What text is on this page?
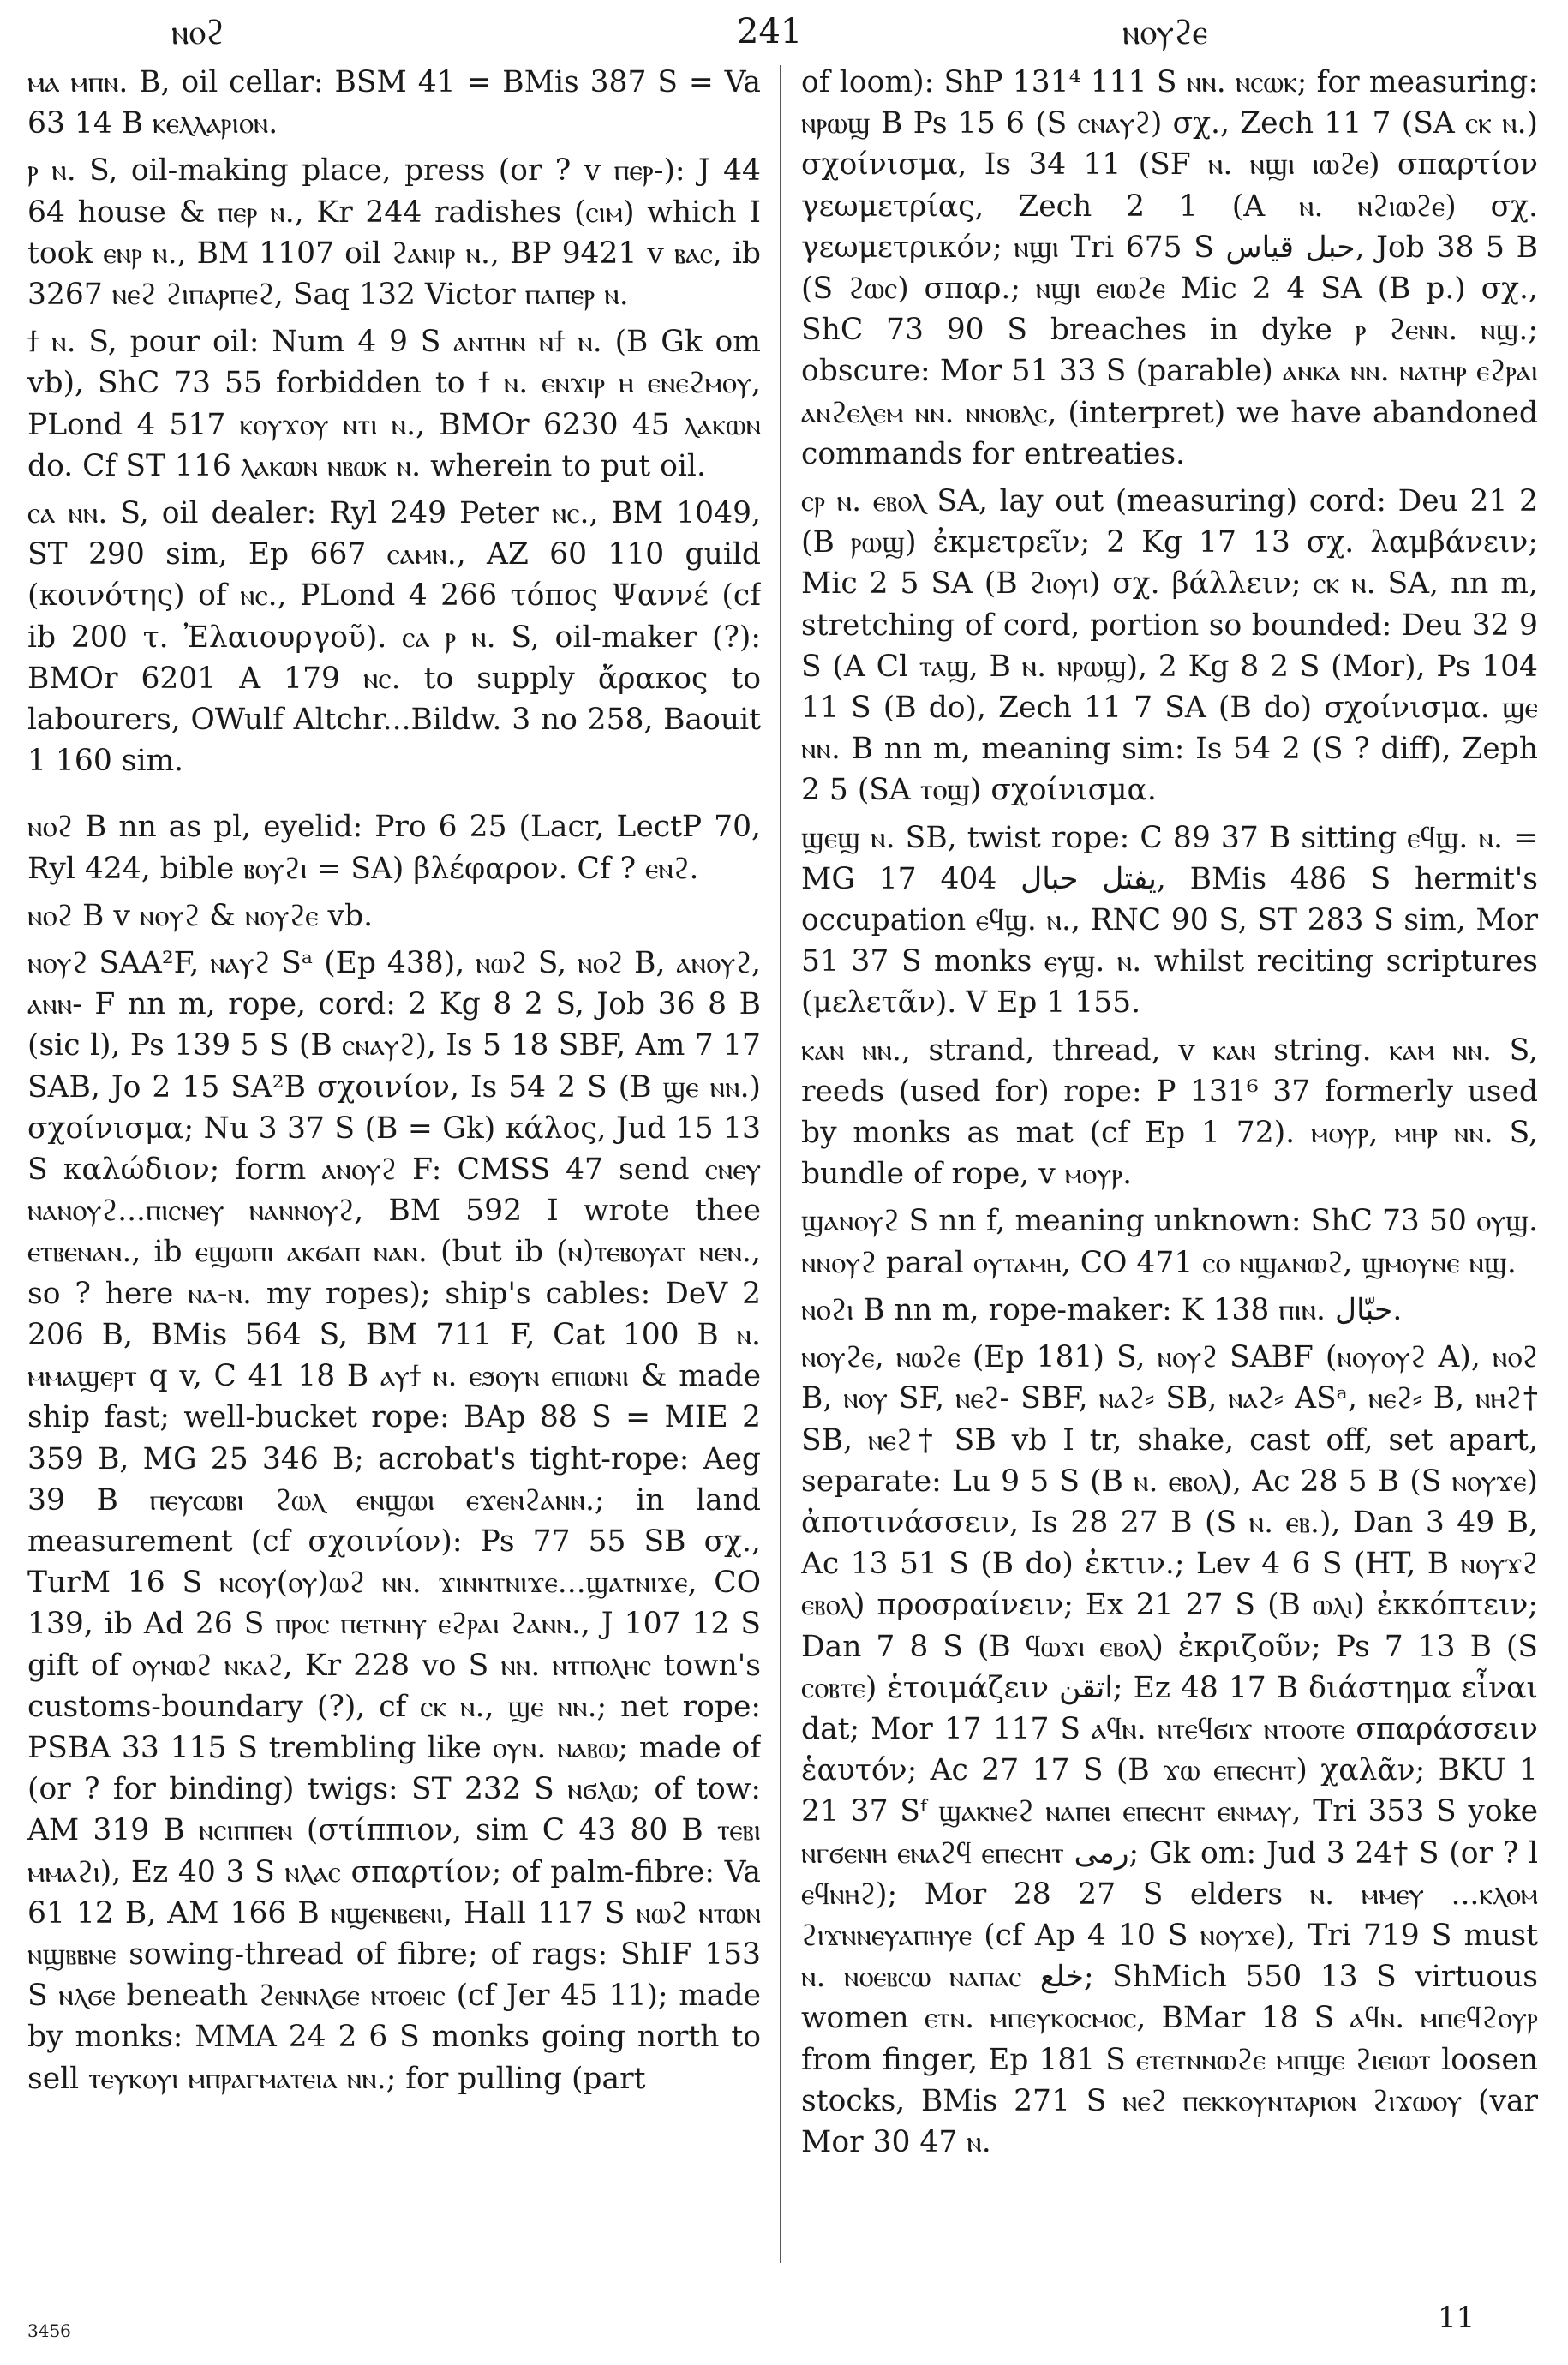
ⲛⲟϩ	241	ⲛⲟⲩϩⲉ

ⲙⲁ ⲙⲡⲛ. B, oil cellar: BSM 41 = BMis 387 S = Va 63 14 B ⲕⲉⲗⲗⲁⲣⲓⲟⲛ.

ⲣ ⲛ. S, oil-making place, press (or ? v ⲡⲉⲣ-): J 44 64 house & ⲡⲉⲣ ⲛ., Kr 244 radishes (ⲥⲓⲙ) which I took ⲉⲛⲣ ⲛ., BM 1107 oil ϩⲁⲛⲓⲣ ⲛ., BP 9421 v ⲃⲁⲥ, ib 3267 ⲛⲉϩ ϩⲓⲡⲁⲣⲡⲉϩ, Saq 132 Victor ⲡⲁⲡⲉⲣ ⲛ.

ϯ ⲛ. S, pour oil: Num 4 9 S ⲁⲛⲧⲏⲛ ⲛϯ ⲛ. (B Gk om vb), ShC 73 55 forbidden to ϯ ⲛ. ⲉⲛϫⲓⲣ ⲏ ⲉⲛⲉϩⲙⲟⲩ, PLond 4 517 ⲕⲟⲩϫⲟⲩ ⲛⲧⲓ ⲛ., BMOr 6230 45 ⲗⲁⲕⲱⲛ do. Cf ST 116 ⲗⲁⲕⲱⲛ ⲛⲃⲱⲕ ⲛ. wherein to put oil.

ⲥⲁ ⲛⲛ. S, oil dealer: Ryl 249 Peter ⲛⲥ., BM 1049, ST 290 sim, Ep 667 ⲥⲁⲙⲛ., AZ 60 110 guild (κοινότης) of ⲛⲥ., PLond 4 266 τόπος Ψαννέ (cf ib 200 τ. Ἐλαιουργοῦ). ⲥⲁ ⲣ ⲛ. S, oil-maker (?): BMOr 6201 A 179 ⲛⲥ. to supply ἄρακος to labourers, OWulf Altchr...Bildw. 3 no 258, Baouit 1 160 sim.

ⲛⲟϩ B nn as pl, eyelid: Pro 6 25 (Lacr, LectP 70, Ryl 424, bible ⲃⲟⲩϩⲓ = SA) βλέφαρον. Cf ? ⲉⲛϩ.

ⲛⲟϩ B v ⲛⲟⲩϩ & ⲛⲟⲩϩⲉ vb.

ⲛⲟⲩϩ SAA²F, ⲛⲁⲩϩ Sᵃ (Ep 438), ⲛⲱϩ S, ⲛⲟϩ B, ⲁⲛⲟⲩϩ, ⲁⲛⲛ- F nn m, rope, cord: 2 Kg 8 2 S, Job 36 8 B (sic l), Ps 139 5 S (B ⲥⲛⲁⲩϩ), Is 5 18 SBF, Am 7 17 SAB, Jo 2 15 SA²B σχοινίον, Is 54 2 S (B ϣⲉ ⲛⲛ.) σχοίνισμα; Nu 3 37 S (B = Gk) κάλος, Jud 15 13 S καλώδιον; form ⲁⲛⲟⲩϩ F: CMSS 47 send ⲥⲛⲉⲩ ⲛⲁⲛⲟⲩϩ...ⲡⲓⲥⲛⲉⲩ ⲛⲁⲛⲛⲟⲩϩ, BM 592 I wrote thee ⲉⲧⲃⲉⲛⲁⲛ., ib ⲉϣⲱⲡⲓ ⲁⲕϭⲁⲡ ⲛⲁⲛ. (but ib (ⲛ)ⲧⲉⲃⲟⲩⲁⲧ ⲛⲉⲛ., so ? here ⲛⲁ-ⲛ. my ropes); ship's cables: DeV 2 206 B, BMis 564 S, BM 711 F, Cat 100 B ⲛ. ⲙⲙⲁϣⲉⲣⲧ q v, C 41 18 B ⲁⲩϯ ⲛ. ⲉϧⲟⲩⲛ ⲉⲡⲓⲱⲛⲓ & made ship fast; well-bucket rope: BAp 88 S = MIE 2 359 B, MG 25 346 B; acrobat's tight-rope: Aeg 39 B ⲡⲉⲩⲥⲱⲃⲓ ϩⲱⲗ ⲉⲛϣⲱⲓ ⲉϫⲉⲛϩⲁⲛⲛ.; in land measurement (cf σχοινίον): Ps 77 55 SB σχ., TurM 16 S ⲛⲥⲟⲩ(ⲟⲩ)ⲱϩ ⲛⲛ. ϫⲓⲛⲛⲧⲛⲓϫⲉ...ϣⲁⲧⲛⲓϫⲉ, CO 139, ib Ad 26 S ⲡⲣⲟⲥ ⲡⲉⲧⲛⲏⲩ ⲉϩⲣⲁⲓ ϩⲁⲛⲛ., J 107 12 S gift of ⲟⲩⲛⲱϩ ⲛⲕⲁϩ, Kr 228 vo S ⲛⲛ. ⲛⲧⲡⲟⲗⲏⲥ town's customs-boundary (?), cf ⲥⲕ ⲛ., ϣⲉ ⲛⲛ.; net rope: PSBA 33 115 S trembling like ⲟⲩⲛ. ⲛⲁⲃⲱ; made of (or ? for binding) twigs: ST 232 S ⲛϭⲗⲱ; of tow: AM 319 B ⲛⲥⲓⲡⲡⲉⲛ (στίππιον, sim C 43 80 B ⲧⲉⲃⲓ ⲙⲙⲁϩⲓ), Ez 40 3 S ⲛⲗⲁⲥ σπαρτίον; of palm-fibre: Va 61 12 B, AM 166 B ⲛϣⲉⲛⲃⲉⲛⲓ, Hall 117 S ⲛⲱϩ ⲛⲧⲱⲛ ⲛϣⲃⲃⲛⲉ sowing-thread of fibre; of rags: ShIF 153 S ⲛⲗϭⲉ beneath ϩⲉⲛⲛⲗϭⲉ ⲛⲧⲟⲉⲓⲥ (cf Jer 45 11); made by monks: MMA 24 2 6 S monks going north to sell ⲧⲉⲩⲕⲟⲩⲓ ⲙⲡⲣⲁⲅⲙⲁⲧⲉⲓⲁ ⲛⲛ.; for pulling (part

of loom): ShP 131⁴ 111 S ⲛⲛ. ⲛⲥⲱⲕ; for measuring: ⲛⲣⲱϣ B Ps 15 6 (S ⲥⲛⲁⲩϩ) σχ., Zech 11 7 (SA ⲥⲕ ⲛ.) σχοίνισμα, Is 34 11 (SF ⲛ. ⲛϣⲓ ⲓⲱϩⲉ) σπαρτίον γεωμετρίας, Zech 2 1 (A ⲛ. ⲛϩⲓⲱϩⲉ) σχ. γεωμετρικόν; ⲛϣⲓ Tri 675 S حبل قياس, Job 38 5 B (S ϩⲱⲥ) σπαρ.; ⲛϣⲓ ⲉⲓⲱϩⲉ Mic 2 4 SA (B p.) σχ., ShC 73 90 S breaches in dyke ⲣ ϩⲉⲛⲛ. ⲛϣ.; obscure: Mor 51 33 S (parable) ⲁⲛⲕⲁ ⲛⲛ. ⲛⲁⲧⲏⲣ ⲉϩⲣⲁⲓ ⲁⲛϩⲉⲗⲉⲙ ⲛⲛ. ⲛⲛⲟⲃⲗⲥ, (interpret) we have abandoned commands for entreaties.

ⲥⲣ ⲛ. ⲉⲃⲟⲗ SA, lay out (measuring) cord: Deu 21 2 (B ⲣⲱϣ) ἐκμετρεῖν; 2 Kg 17 13 σχ. λαμβάνειν; Mic 2 5 SA (B ϩⲓⲟⲩⲓ) σχ. βάλλειν; ⲥⲕ ⲛ. SA, nn m, stretching of cord, portion so bounded: Deu 32 9 S (A Cl ⲧⲁϣ, B ⲛ. ⲛⲣⲱϣ), 2 Kg 8 2 S (Mor), Ps 104 11 S (B do), Zech 11 7 SA (B do) σχοίνισμα. ϣⲉ ⲛⲛ. B nn m, meaning sim: Is 54 2 (S ? diff), Zeph 2 5 (SA ⲧⲟϣ) σχοίνισμα.

ϣⲉϣ ⲛ. SB, twist rope: C 89 37 B sitting ⲉϥϣ. ⲛ. = MG 17 404 يفتل حبال, BMis 486 S hermit's occupation ⲉϥϣ. ⲛ., RNC 90 S, ST 283 S sim, Mor 51 37 S monks ⲉⲩϣ. ⲛ. whilst reciting scriptures (μελετᾶν). V Ep 1 155.

ⲕⲁⲛ ⲛⲛ., strand, thread, v ⲕⲁⲛ string. ⲕⲁⲙ ⲛⲛ. S, reeds (used for) rope: P 131⁶ 37 formerly used by monks as mat (cf Ep 1 72). ⲙⲟⲩⲣ, ⲙⲏⲣ ⲛⲛ. S, bundle of rope, v ⲙⲟⲩⲣ.

ϣⲁⲛⲟⲩϩ S nn f, meaning unknown: ShC 73 50 ⲟⲩϣ. ⲛⲛⲟⲩϩ paral ⲟⲩⲧⲁⲙⲏ, CO 471 ⲥⲟ ⲛϣⲁⲛⲱϩ, ϣⲙⲟⲩⲛⲉ ⲛϣ.

ⲛⲟϩⲓ B nn m, rope-maker: K 138 ⲡⲓⲛ. حبّال.

ⲛⲟⲩϩⲉ, ⲛⲱϩⲉ (Ep 181) S, ⲛⲟⲩϩ SABF (ⲛⲟⲩⲟⲩϩ A), ⲛⲟϩ B, ⲛⲟⲩ SF, ⲛⲉϩ- SBF, ⲛⲁϩ⸗ SB, ⲛⲁϩ⸗ ASᵃ, ⲛⲉϩ⸗ B, ⲛⲏϩ† SB, ⲛⲉϩ† SB vb I tr, shake, cast off, set apart, separate: Lu 9 5 S (B ⲛ. ⲉⲃⲟⲗ), Ac 28 5 B (S ⲛⲟⲩϫⲉ) ἀποτινάσσειν, Is 28 27 B (S ⲛ. ⲉⲃ.), Dan 3 49 B, Ac 13 51 S (B do) ἐκτιν.; Lev 4 6 S (HT, B ⲛⲟⲩϫϩ ⲉⲃⲟⲗ) προσραίνειν; Ex 21 27 S (B ⲱⲗⲓ) ἐκκόπτειν; Dan 7 8 S (B ϥⲱϫⲓ ⲉⲃⲟⲗ) ἐκριζοῦν; Ps 7 13 B (S ⲥⲟⲃⲧⲉ) ἑτοιμάζειν اتقن; Ez 48 17 B διάστημα εἶναι dat; Mor 17 117 S ⲁϥⲛ. ⲛⲧⲉϥϭⲓϫ ⲛⲧⲟⲟⲧⲉ σπαράσσειν ἑαυτόν; Ac 27 17 S (B ϫⲱ ⲉⲡⲉⲥⲏⲧ) χαλᾶν; BKU 1 21 37 Sᶠ ϣⲁⲕⲛⲉϩ ⲛⲁⲡⲉⲓ ⲉⲡⲉⲥⲏⲧ ⲉⲛⲙⲁⲩ, Tri 353 S yoke ⲛⲅϭⲉⲛⲏ ⲉⲛⲁϩϥ ⲉⲡⲉⲥⲏⲧ رمى; Gk om: Jud 3 24† S (or ? l ⲉϥⲛⲏϩ); Mor 28 27 S elders ⲛ. ⲙⲙⲉⲩ ...ⲕⲗⲟⲙ ϩⲓϫⲛⲛⲉⲩⲁⲡⲏⲩⲉ (cf Ap 4 10 S ⲛⲟⲩϫⲉ), Tri 719 S must ⲛ. ⲛⲟⲉⲃⲥⲱ ⲛⲁⲡⲁⲥ خلع; ShMich 550 13 S virtuous women ⲉⲧⲛ. ⲙⲡⲉⲩⲕⲟⲥⲙⲟⲥ, BMar 18 S ⲁϥⲛ. ⲙⲡⲉϥϩⲟⲩⲣ from finger, Ep 181 S ⲉⲧⲉⲧⲛⲛⲱϩⲉ ⲙⲡϣⲉ ϩⲓⲉⲓⲱⲧ loosen stocks, BMis 271 S ⲛⲉϩ ⲡⲉⲕⲕⲟⲩⲛⲧⲁⲣⲓⲟⲛ ϩⲓϫⲱⲟⲩ (var Mor 30 47 ⲛ.

3456	11
